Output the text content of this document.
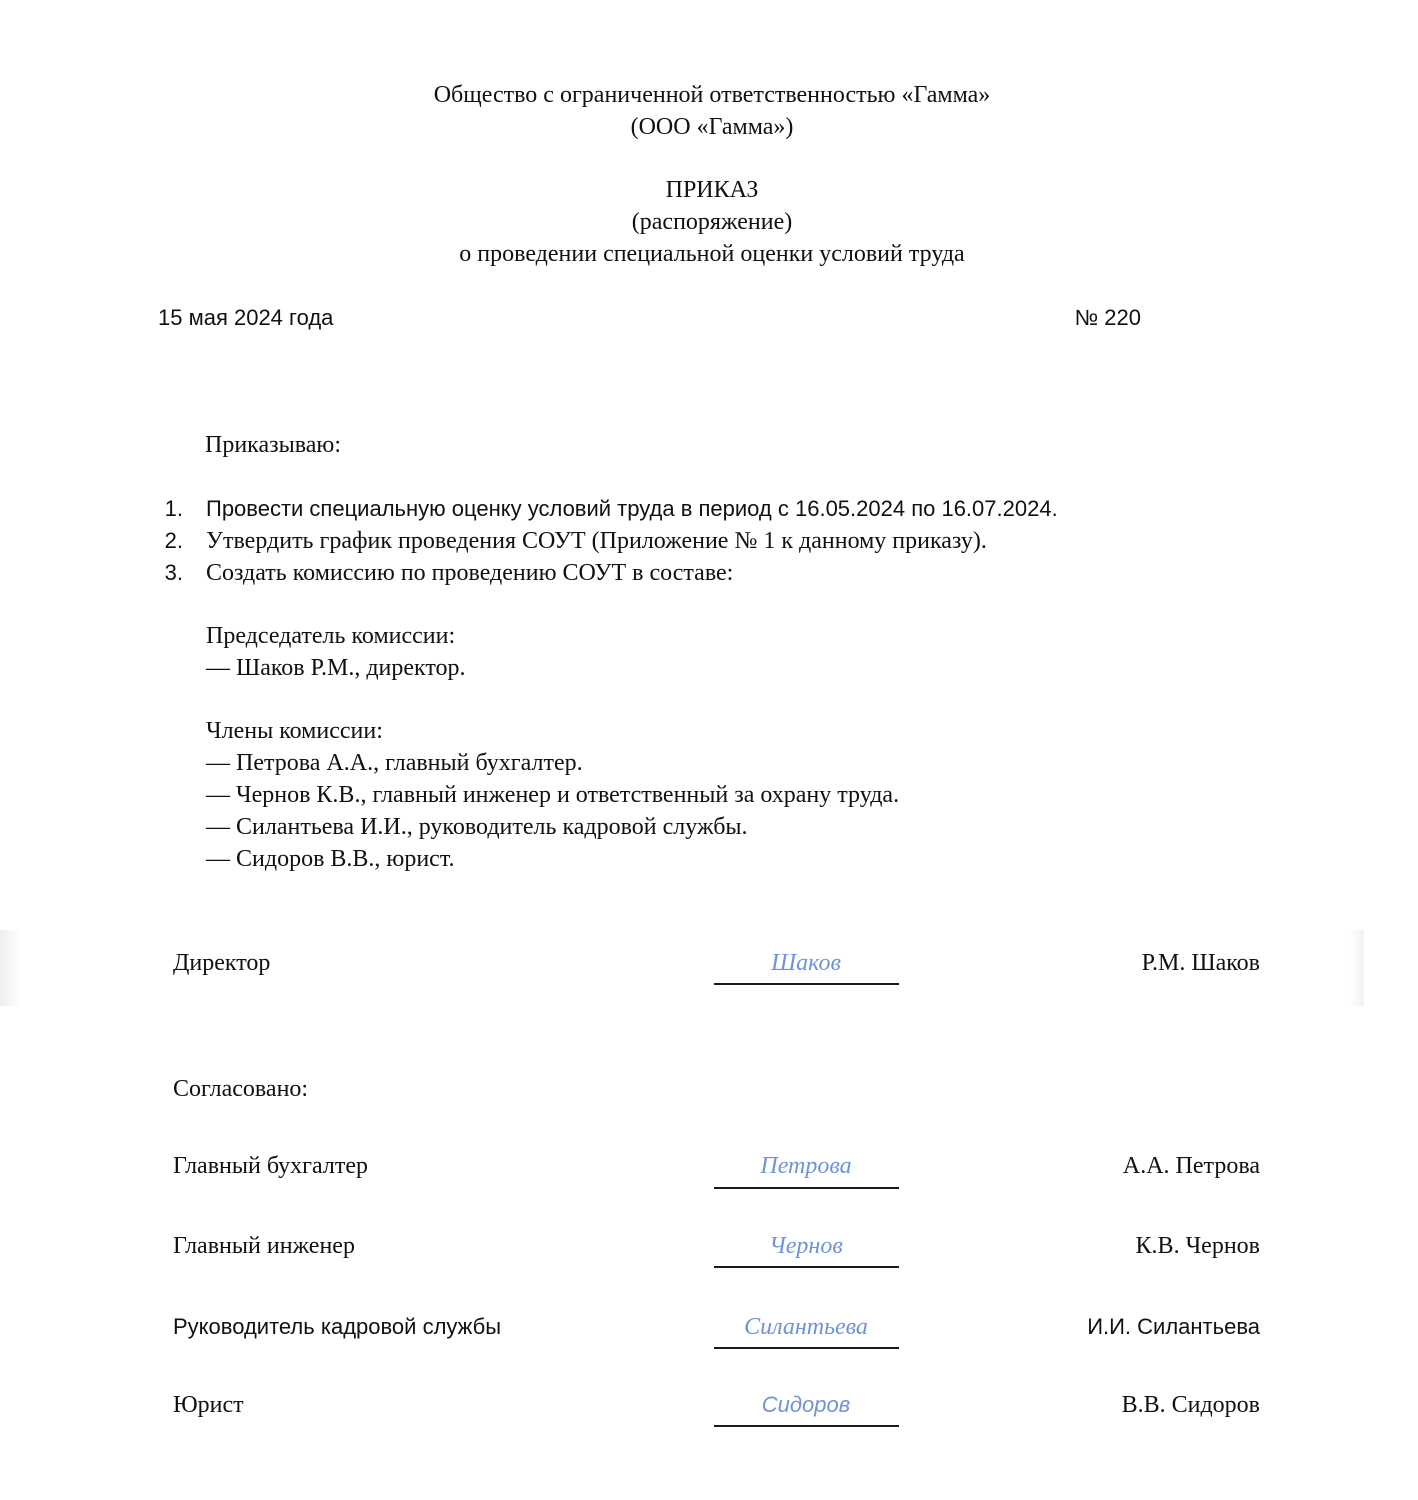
Общество с ограниченной ответственностью «Гамма»
(ООО «Гамма»)
ПРИКАЗ
(распоряжение)
о проведении специальной оценки условий труда
15 мая 2024 года	№ 220
Приказываю:
1. Провести специальную оценку условий труда в период с 16.05.2024 по 16.07.2024.
2. Утвердить график проведения СОУТ (Приложение № 1 к данному приказу).
3. Создать комиссию по проведению СОУТ в составе:
Председатель комиссии:
— Шаков Р.М., директор.
Члены комиссии:
— Петрова А.А., главный бухгалтер.
— Чернов К.В., главный инженер и ответственный за охрану труда.
— Силантьева И.И., руководитель кадровой службы.
— Сидоров В.В., юрист.
Директор	Шаков	Р.М. Шаков
Согласовано:
Главный бухгалтер	Петрова	А.А. Петрова
Главный инженер	Чернов	К.В. Чернов
Руководитель кадровой службы	Силантьева	И.И. Силантьева
Юрист	Сидоров	В.В. Сидоров
